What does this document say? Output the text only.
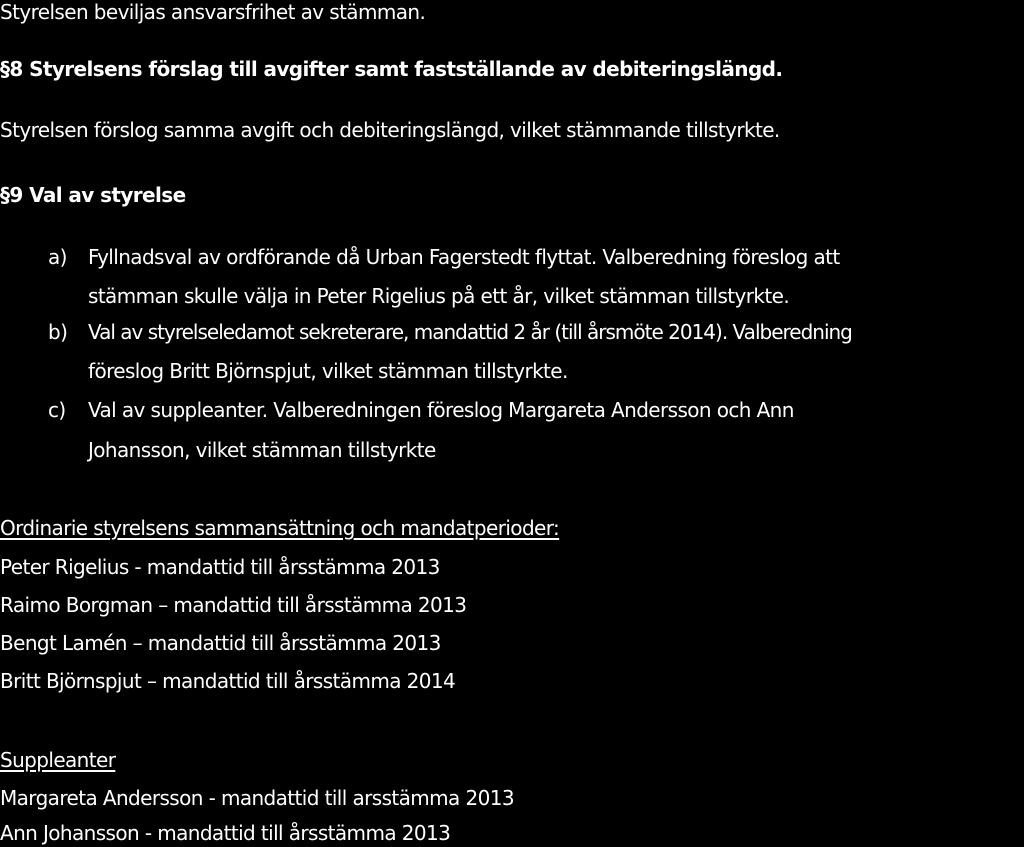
Styrelsen beviljas ansvarsfrihet av stämman.
§8 Styrelsens förslag till avgifter samt fastställande av debiteringslängd.
Styrelsen förslog samma avgift och debiteringslängd, vilket stämmande tillstyrkte.
§9 Val av styrelse
a) Fyllnadsval av ordförande då Urban Fagerstedt flyttat. Valberedning föreslog att
stämman skulle välja in Peter Rigelius på ett år, vilket stämman tillstyrkte.
b) Val av styrelseledamot sekreterare, mandattid 2 år (till årsmöte 2014). Valberedning
föreslog Britt Björnspjut, vilket stämman tillstyrkte.
c) Val av suppleanter. Valberedningen föreslog Margareta Andersson och Ann
Johansson, vilket stämman tillstyrkte
Ordinarie styrelsens sammansättning och mandatperioder:
Peter Rigelius - mandattid till årsstämma 2013
Raimo Borgman – mandattid till årsstämma 2013
Bengt Lamén – mandattid till årsstämma 2013
Britt Björnspjut – mandattid till årsstämma 2014
Suppleanter
Margareta Andersson - mandattid till arsstämma 2013
Ann Johansson - mandattid till årsstämma 2013
